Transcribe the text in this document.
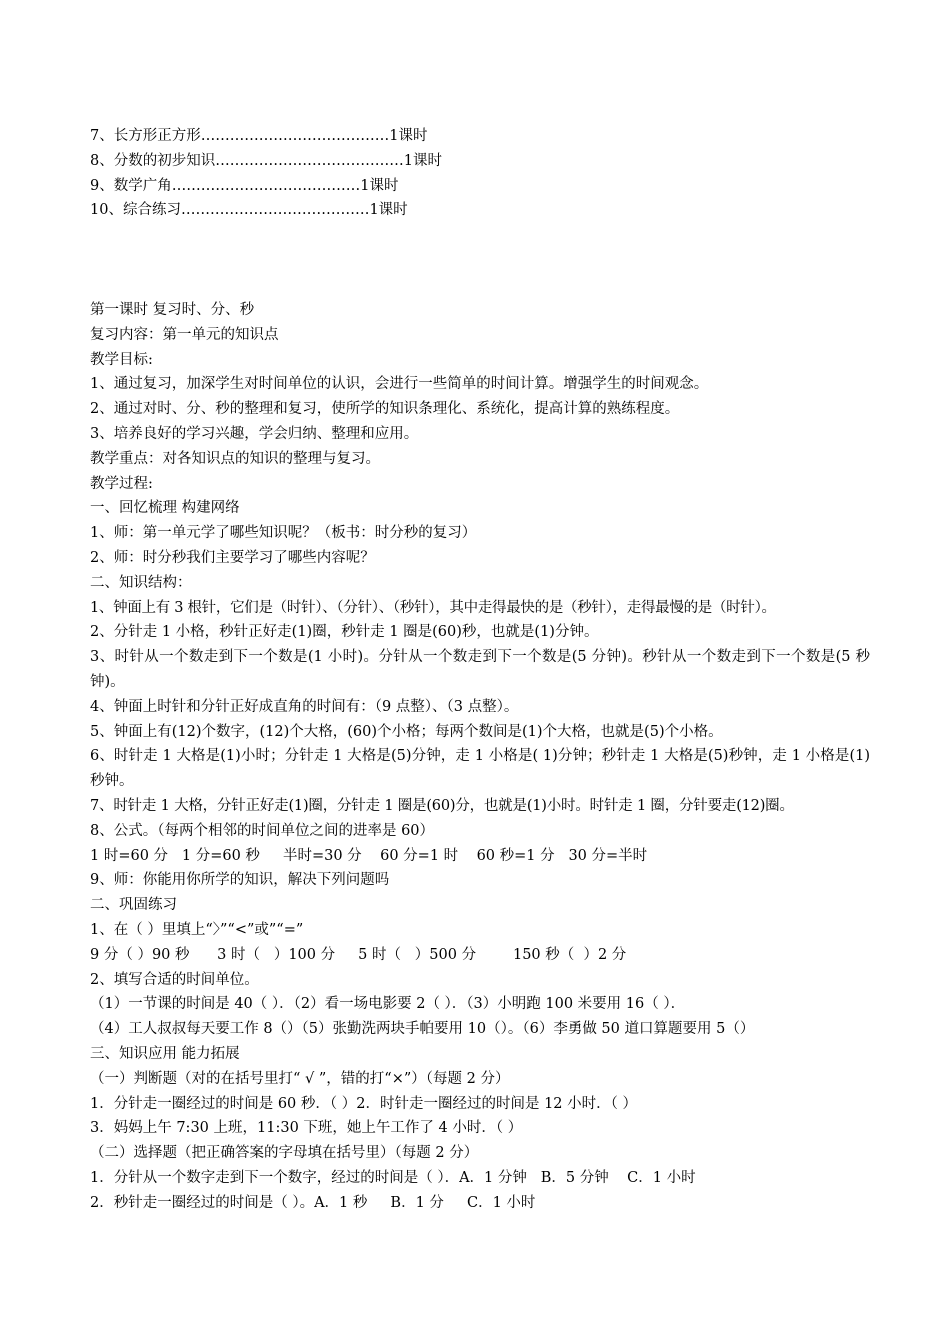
7、长方形正方形…………………………………1课时
8、分数的初步知识…………………………………1课时
9、数学广角…………………………………1课时
10、综合练习…………………………………1课时
第一课时 复习时、分、秒
复习内容：第一单元的知识点
教学目标:
1、通过复习，加深学生对时间单位的认识，会进行一些简单的时间计算。增强学生的时间观念。
2、通过对时、分、秒的整理和复习，使所学的知识条理化、系统化，提高计算的熟练程度。
3、培养良好的学习兴趣，学会归纳、整理和应用。
教学重点：对各知识点的知识的整理与复习。
教学过程:
一、回忆梳理 构建网络
1、师：第一单元学了哪些知识呢？（板书：时分秒的复习）
2、师：时分秒我们主要学习了哪些内容呢？
二、知识结构：
1、钟面上有 3 根针，它们是（时针）、（分针）、（秒针），其中走得最快的是（秒针），走得最慢的是（时针）。
2、分针走 1 小格，秒针正好走(1)圈，秒针走 1 圈是(60)秒，也就是(1)分钟。
3、时针从一个数走到下一个数是(1 小时)。分针从一个数走到下一个数是(5 分钟)。秒针从一个数走到下一个数是(5 秒钟)。
4、钟面上时针和分针正好成直角的时间有：（9 点整）、（3 点整）。
5、钟面上有(12)个数字，(12)个大格，(60)个小格；每两个数间是(1)个大格，也就是(5)个小格。
6、时针走 1 大格是(1)小时；分针走 1 大格是(5)分钟，走 1 小格是( 1)分钟；秒针走 1 大格是(5)秒钟，走 1 小格是(1)秒钟。
7、时针走 1 大格，分针正好走(1)圈，分针走 1 圈是(60)分，也就是(1)小时。时针走 1 圈，分针要走(12)圈。
8、公式。（每两个相邻的时间单位之间的进率是 60）
1 时=60 分   1 分=60 秒     半时=30 分    60 分=1 时    60 秒=1 分   30 分=半时
9、师：你能用你所学的知识，解决下列问题吗
二、巩固练习
1、在（ ）里填上“〉”“<”或”“=”
9 分（ ）90 秒      3 时（   ）100 分     5 时（   ）500 分        150 秒（  ）2 分
2、填写合适的时间单位。
（1）一节课的时间是 40（ ）．（2）看一场电影要 2（ ）．（3）小明跑 100 米要用 16（ ）．
（4）工人叔叔每天要工作 8（）（5）张勤洗两块手帕要用 10（）。（6）李勇做 50 道口算题要用 5（）
三、知识应用 能力拓展
（一）判断题（对的在括号里打“ √ ”，错的打“×”）（每题 2 分）
1．分针走一圈经过的时间是 60 秒．（ ）2．时针走一圈经过的时间是 12 小时．（ ）
3．妈妈上午 7:30 上班，11:30 下班，她上午工作了 4 小时．（ ）
（二）选择题（把正确答案的字母填在括号里）（每题 2 分）
1．分针从一个数字走到下一个数字，经过的时间是（ ）．A．1 分钟   B．5 分钟    C．1 小时
2．秒针走一圈经过的时间是（ ）。A．1 秒     B．1 分     C．1 小时
